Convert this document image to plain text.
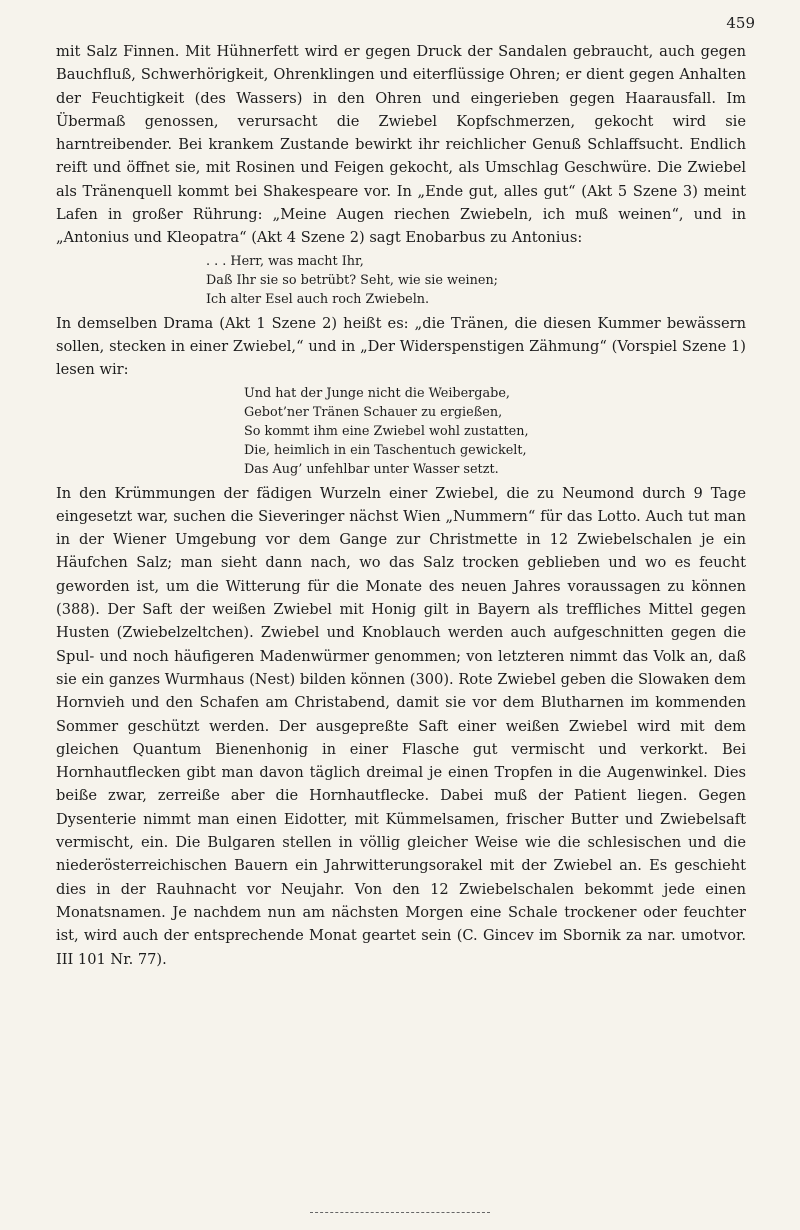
459

mit Salz Finnen. Mit Hühnerfett wird er gegen Druck der Sandalen gebraucht, auch gegen Bauchfluß, Schwerhörigkeit, Ohrenklingen und eiterflüssige Ohren; er dient gegen Anhalten der Feuchtigkeit (des Wassers) in den Ohren und eingerieben gegen Haarausfall. Im Übermaß genossen, verursacht die Zwiebel Kopfschmerzen, gekocht wird sie harntreibender. Bei krankem Zustande bewirkt ihr reichlicher Genuß Schlaffsucht. Endlich reift und öffnet sie, mit Rosinen und Feigen gekocht, als Umschlag Geschwüre. Die Zwiebel als Tränenquell kommt bei Shakespeare vor. In „Ende gut, alles gut“ (Akt 5 Szene 3) meint Lafen in großer Rührung: „Meine Augen riechen Zwiebeln, ich muß weinen“, und in „Antonius und Kleopatra“ (Akt 4 Szene 2) sagt Enobarbus zu Antonius:

. . . Herr, was macht Ihr,
Daß Ihr sie so betrübt? Seht, wie sie weinen;
Ich alter Esel auch roch Zwiebeln.

In demselben Drama (Akt 1 Szene 2) heißt es: „die Tränen, die diesen Kummer bewässern sollen, stecken in einer Zwiebel,“ und in „Der Widerspenstigen Zähmung“ (Vorspiel Szene 1) lesen wir:

Und hat der Junge nicht die Weibergabe,
Gebot’ner Tränen Schauer zu ergießen,
So kommt ihm eine Zwiebel wohl zustatten,
Die, heimlich in ein Taschentuch gewickelt,
Das Aug’ unfehlbar unter Wasser setzt.

In den Krümmungen der fädigen Wurzeln einer Zwiebel, die zu Neumond durch 9 Tage eingesetzt war, suchen die Sieveringer nächst Wien „Nummern“ für das Lotto. Auch tut man in der Wiener Umgebung vor dem Gange zur Christmette in 12 Zwiebelschalen je ein Häufchen Salz; man sieht dann nach, wo das Salz trocken geblieben und wo es feucht geworden ist, um die Witterung für die Monate des neuen Jahres voraussagen zu können (388). Der Saft der weißen Zwiebel mit Honig gilt in Bayern als treffliches Mittel gegen Husten (Zwiebelzeltchen). Zwiebel und Knoblauch werden auch aufgeschnitten gegen die Spul- und noch häufigeren Madenwürmer genommen; von letzteren nimmt das Volk an, daß sie ein ganzes Wurmhaus (Nest) bilden können (300). Rote Zwiebel geben die Slowaken dem Hornvieh und den Schafen am Christabend, damit sie vor dem Blutharnen im kommenden Sommer geschützt werden. Der ausgepreßte Saft einer weißen Zwiebel wird mit dem gleichen Quantum Bienenhonig in einer Flasche gut vermischt und verkorkt. Bei Hornhautflecken gibt man davon täglich dreimal je einen Tropfen in die Augenwinkel. Dies beiße zwar, zerreiße aber die Hornhautflecke. Dabei muß der Patient liegen. Gegen Dysenterie nimmt man einen Eidotter, mit Kümmelsamen, frischer Butter und Zwiebelsaft vermischt, ein. Die Bulgaren stellen in völlig gleicher Weise wie die schlesischen und die niederösterreichischen Bauern ein Jahrwitterungsorakel mit der Zwiebel an. Es geschieht dies in der Rauhnacht vor Neujahr. Von den 12 Zwiebelschalen bekommt jede einen Monatsnamen. Je nachdem nun am nächsten Morgen eine Schale trockener oder feuchter ist, wird auch der entsprechende Monat geartet sein (C. Gincev im Sbornik za nar. umotvor. III 101 Nr. 77).
